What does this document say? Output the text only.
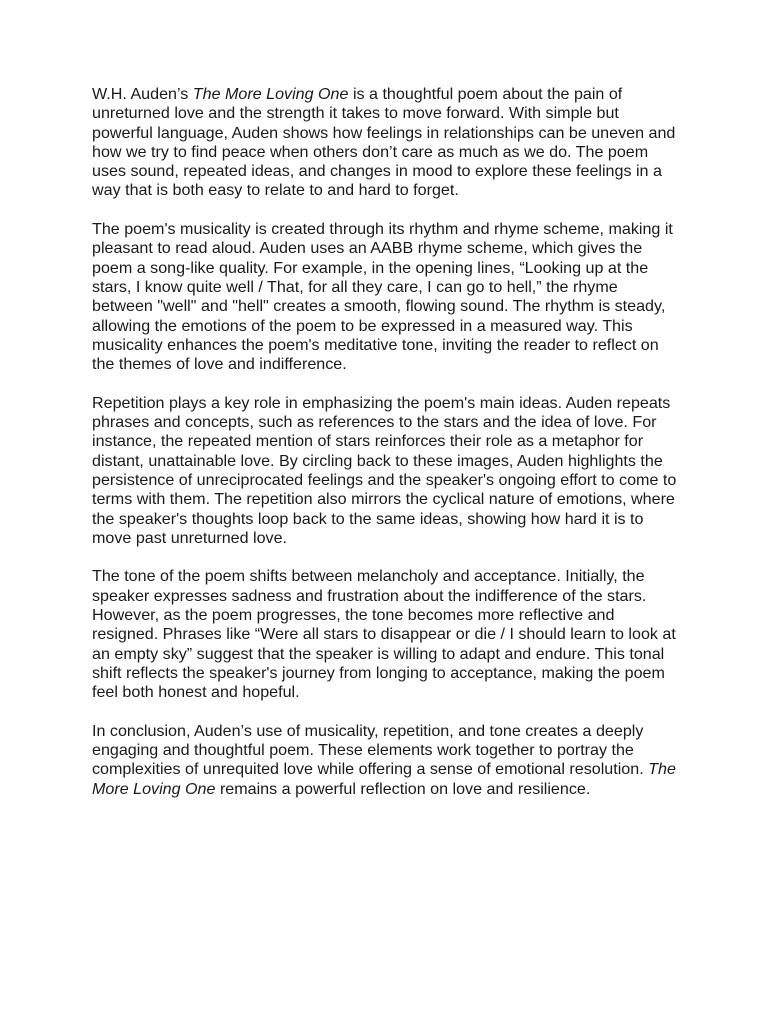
W.H. Auden’s The More Loving One is a thoughtful poem about the pain of unreturned love and the strength it takes to move forward. With simple but powerful language, Auden shows how feelings in relationships can be uneven and how we try to find peace when others don’t care as much as we do. The poem uses sound, repeated ideas, and changes in mood to explore these feelings in a way that is both easy to relate to and hard to forget.

The poem's musicality is created through its rhythm and rhyme scheme, making it pleasant to read aloud. Auden uses an AABB rhyme scheme, which gives the poem a song-like quality. For example, in the opening lines, “Looking up at the stars, I know quite well / That, for all they care, I can go to hell,” the rhyme between "well" and "hell" creates a smooth, flowing sound. The rhythm is steady, allowing the emotions of the poem to be expressed in a measured way. This musicality enhances the poem's meditative tone, inviting the reader to reflect on the themes of love and indifference.

Repetition plays a key role in emphasizing the poem's main ideas. Auden repeats phrases and concepts, such as references to the stars and the idea of love. For instance, the repeated mention of stars reinforces their role as a metaphor for distant, unattainable love. By circling back to these images, Auden highlights the persistence of unreciprocated feelings and the speaker's ongoing effort to come to terms with them. The repetition also mirrors the cyclical nature of emotions, where the speaker's thoughts loop back to the same ideas, showing how hard it is to move past unreturned love.

The tone of the poem shifts between melancholy and acceptance. Initially, the speaker expresses sadness and frustration about the indifference of the stars. However, as the poem progresses, the tone becomes more reflective and resigned. Phrases like “Were all stars to disappear or die / I should learn to look at an empty sky” suggest that the speaker is willing to adapt and endure. This tonal shift reflects the speaker's journey from longing to acceptance, making the poem feel both honest and hopeful.

In conclusion, Auden’s use of musicality, repetition, and tone creates a deeply engaging and thoughtful poem. These elements work together to portray the complexities of unrequited love while offering a sense of emotional resolution. The More Loving One remains a powerful reflection on love and resilience.
